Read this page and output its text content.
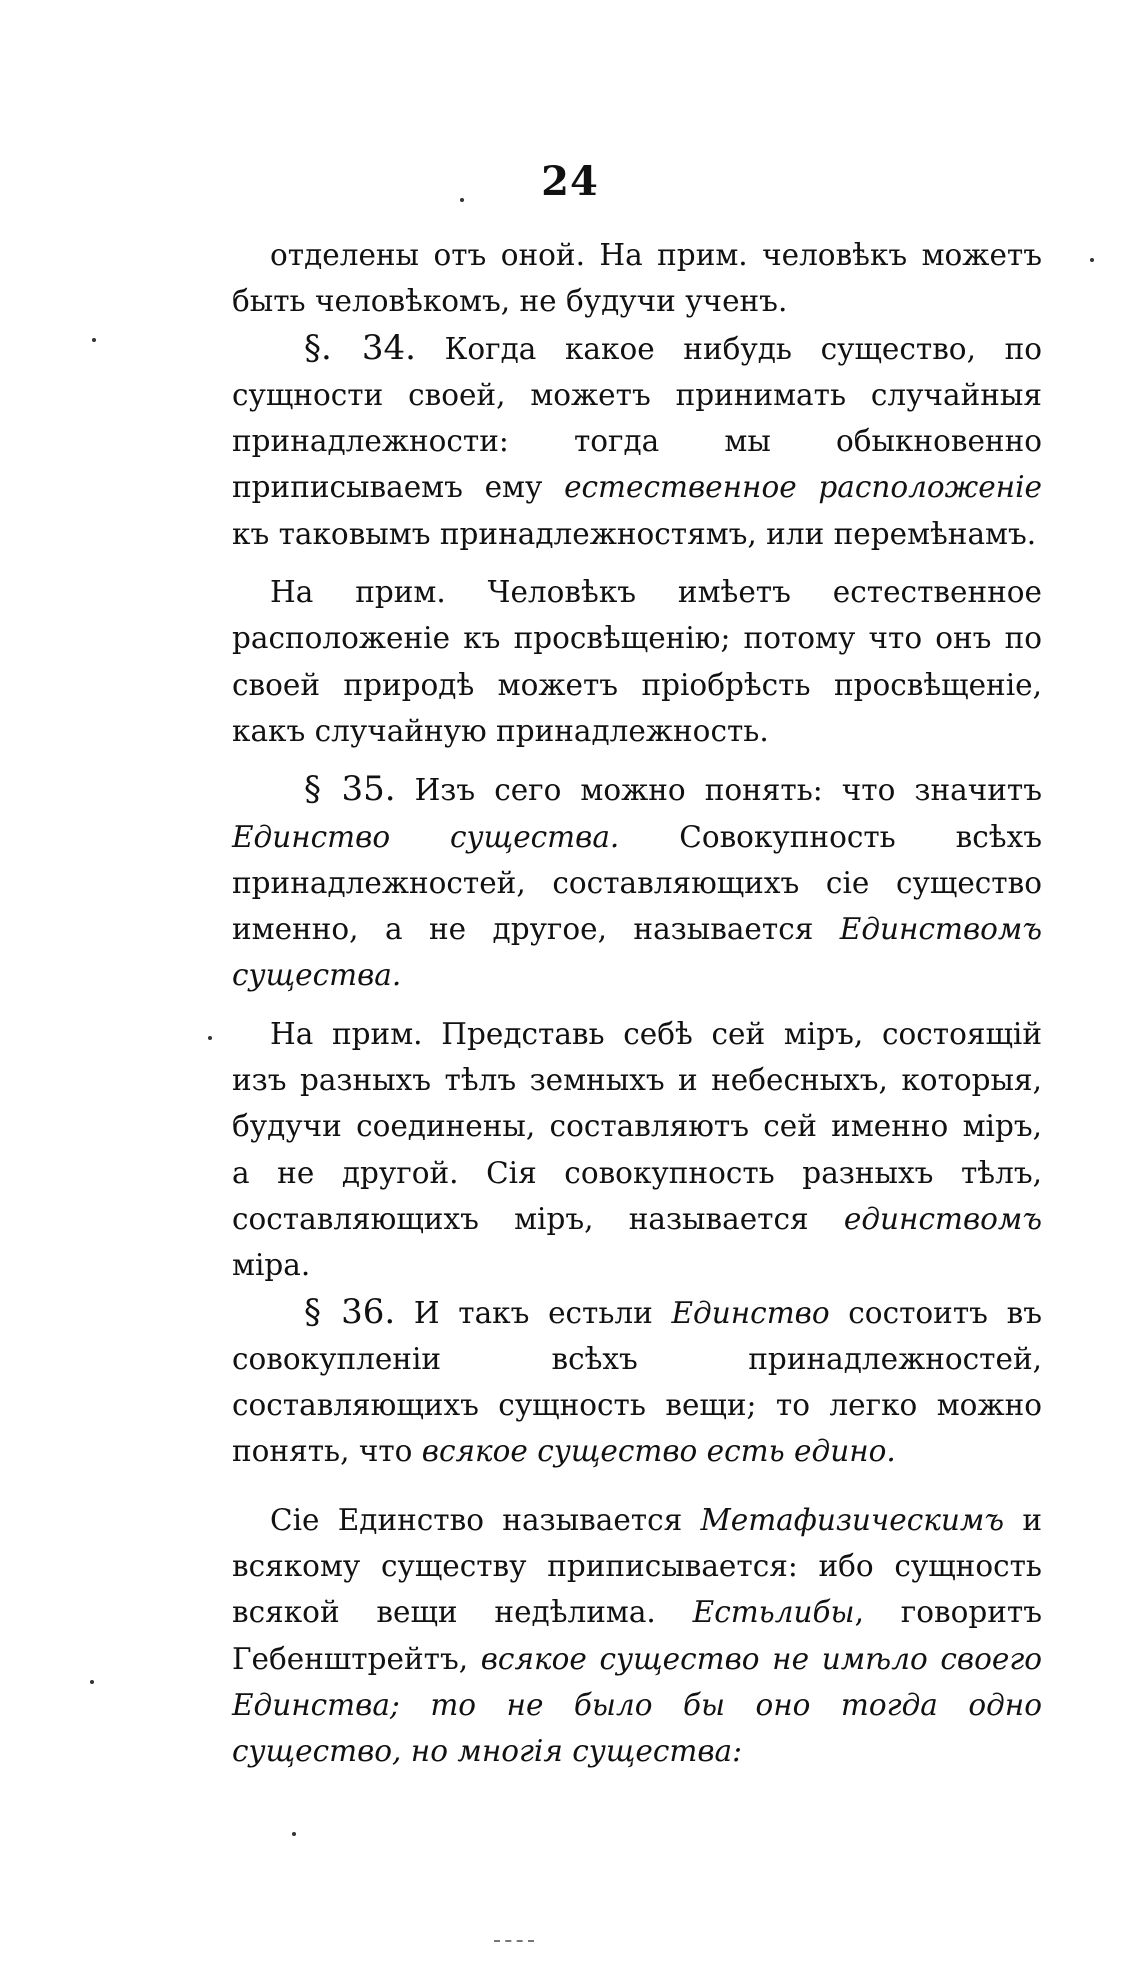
24

отделены отъ оной. На прим. человѣкъ можетъ быть человѣкомъ, не будучи ученъ.

§. 34. Когда какое нибудь существо, по сущности своей, можетъ принимать случайныя принадлежности: тогда мы обыкновенно приписываемъ ему естественное расположенiе къ таковымъ принадлежностямъ, или перемѣнамъ.

На прим. Человѣкъ имѣетъ естественное расположенiе къ просвѣщенiю; потому что онъ по своей природѣ можетъ прiобрѣсть просвѣщенiе, какъ случайную принадлежность.

§ 35. Изъ сего можно понять: что значитъ Единство существа. Совокупность всѣхъ принадлежностей, составляющихъ сiе существо именно, а не другое, называется Единствомъ существа.

На прим. Представь себѣ сей мiръ, состоящiй изъ разныхъ тѣлъ земныхъ и небесныхъ, которыя, будучи соединены, составляютъ сей именно мiръ, а не другой. Сiя совокупность разныхъ тѣлъ, составляющихъ мiръ, называется единствомъ мiра.

§ 36. И такъ естьли Единство состоитъ въ совокупленiи всѣхъ принадлежностей, составляющихъ сущность вещи; то легко можно понять, что всякое существо есть едино.

Сiе Единство называется Метафизическимъ и всякому существу приписывается: ибо сущность всякой вещи недѣлима. Естьлибы, говоритъ Гебенштрейтъ, всякое существо не имѣло своего Единства; то не было бы оно тогда одно существо, но многiя существа:
